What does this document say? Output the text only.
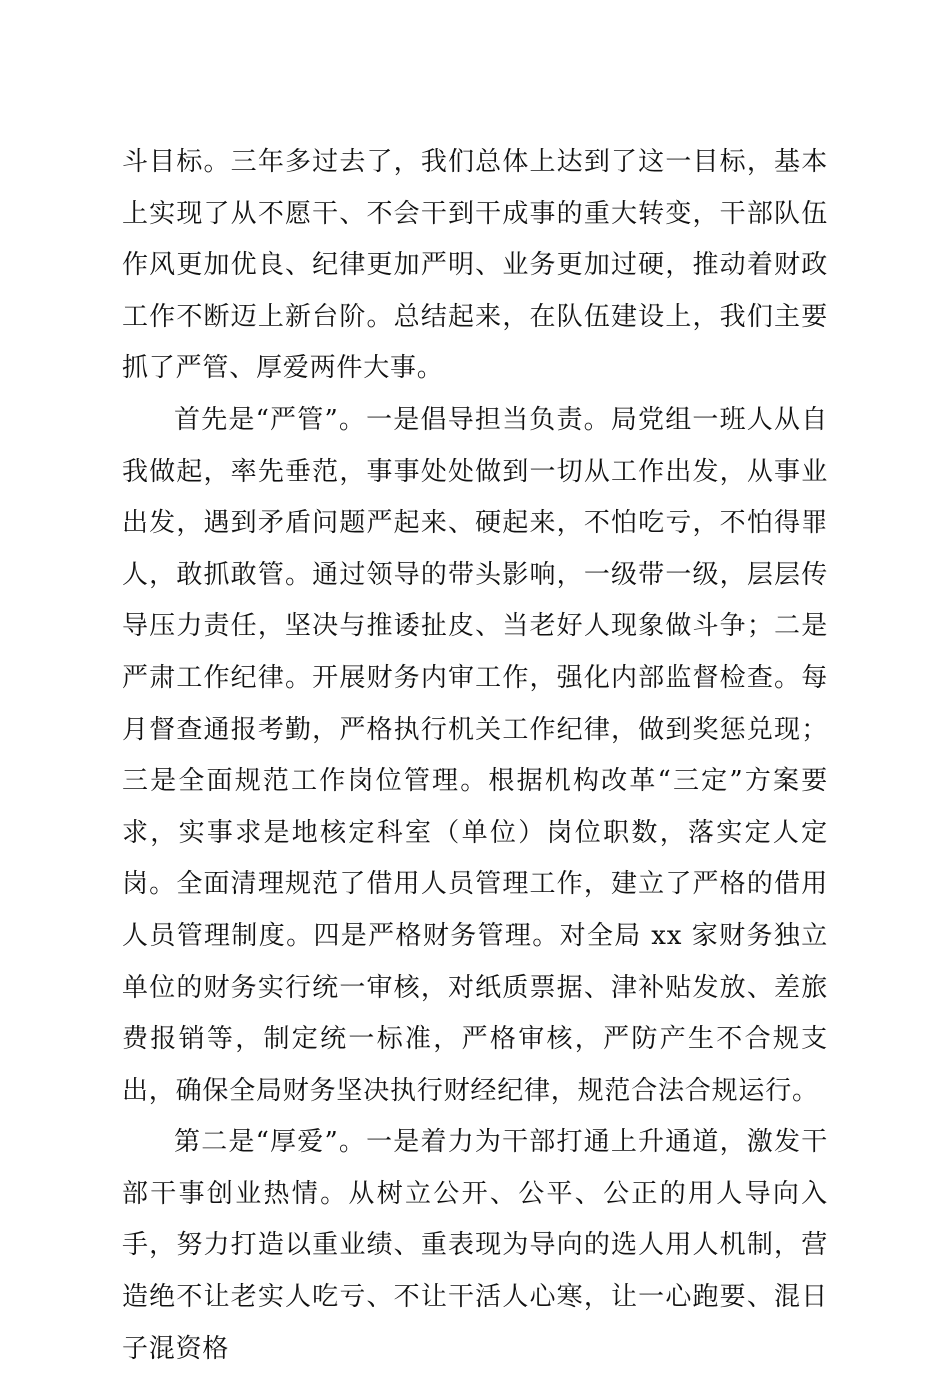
斗目标。三年多过去了，我们总体上达到了这一目标，基本上实现了从不愿干、不会干到干成事的重大转变，干部队伍作风更加优良、纪律更加严明、业务更加过硬，推动着财政工作不断迈上新台阶。总结起来，在队伍建设上，我们主要抓了严管、厚爱两件大事。

首先是“严管”。一是倡导担当负责。局党组一班人从自我做起，率先垂范，事事处处做到一切从工作出发，从事业出发，遇到矛盾问题严起来、硬起来，不怕吃亏，不怕得罪人，敢抓敢管。通过领导的带头影响，一级带一级，层层传导压力责任，坚决与推诿扯皮、当老好人现象做斗争；二是严肃工作纪律。开展财务内审工作，强化内部监督检查。每月督查通报考勤，严格执行机关工作纪律，做到奖惩兑现；三是全面规范工作岗位管理。根据机构改革“三定”方案要求，实事求是地核定科室（单位）岗位职数，落实定人定岗。全面清理规范了借用人员管理工作，建立了严格的借用人员管理制度。四是严格财务管理。对全局 xx 家财务独立单位的财务实行统一审核，对纸质票据、津补贴发放、差旅费报销等，制定统一标准，严格审核，严防产生不合规支出，确保全局财务坚决执行财经纪律，规范合法合规运行。

第二是“厚爱”。一是着力为干部打通上升通道，激发干部干事创业热情。从树立公开、公平、公正的用人导向入手，努力打造以重业绩、重表现为导向的选人用人机制，营造绝不让老实人吃亏、不让干活人心寒，让一心跑要、混日子混资格
